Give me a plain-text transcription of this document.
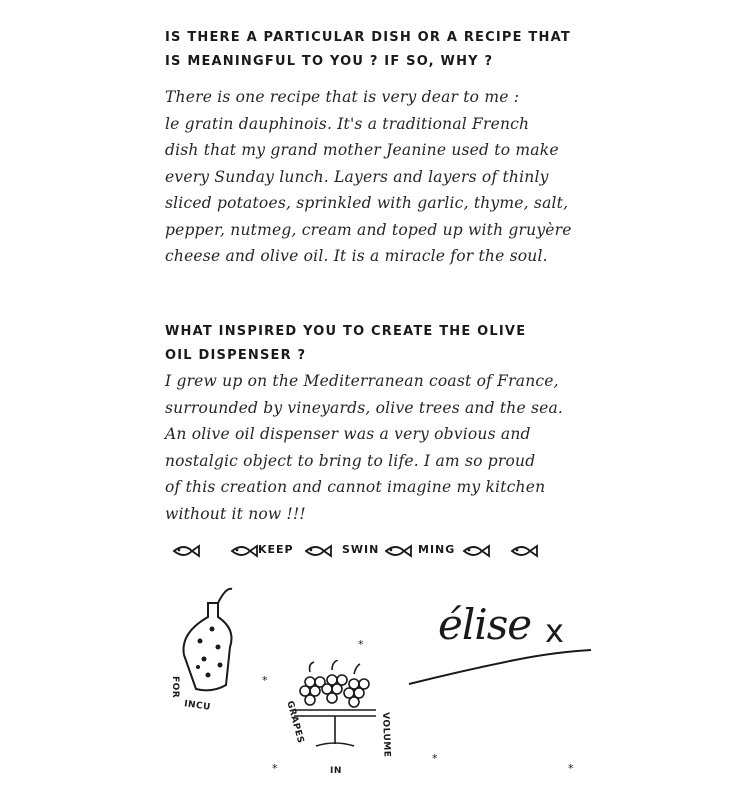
IS THERE A PARTICULAR DISH OR A RECIPE THAT
IS MEANINGFUL TO YOU ? IF SO, WHY ?
There is one recipe that is very dear to me :
le gratin dauphinois. It's a traditional French
dish that my grand mother Jeanine used to make
every Sunday lunch. Layers and layers of thinly
sliced potatoes, sprinkled with garlic, thyme, salt,
pepper, nutmeg, cream and toped up with gruyère
cheese and olive oil. It is a miracle for the soul.
WHAT INSPIRED YOU TO CREATE THE OLIVE
OIL DISPENSER ?
I grew up on the Mediterranean coast of France,
surrounded by vineyards, olive trees and the sea.
An olive oil dispenser was a very obvious and
nostalgic object to bring to life. I am so proud
of this creation and cannot imagine my kitchen
without it now !!!
KEEP	SWIN	MING
élise x
FOR
INCU	GRAPES
IN
VOLUME
*
*
*
*	*
